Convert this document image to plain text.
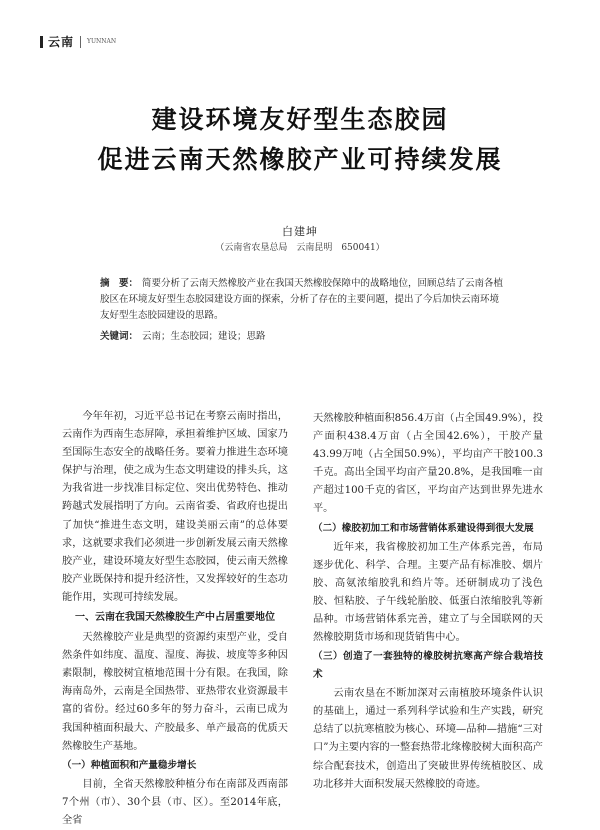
云南 YUNNAN
建设环境友好型生态胶园
促进云南天然橡胶产业可持续发展
白建坤
（云南省农垦总局　云南昆明　650041）
摘　要： 简要分析了云南天然橡胶产业在我国天然橡胶保障中的战略地位，回顾总结了云南各植胶区在环境友好型生态胶园建设方面的探索，分析了存在的主要问题，提出了今后加快云南环境友好型生态胶园建设的思路。
关键词： 云南；生态胶园；建设；思路

今年年初，习近平总书记在考察云南时指出，云南作为西南生态屏障，承担着维护区域、国家乃至国际生态安全的战略任务。要着力推进生态环境保护与治理，使之成为生态文明建设的排头兵，这为我省进一步找准目标定位、突出优势特色、推动跨越式发展指明了方向。云南省委、省政府也提出了加快“推进生态文明，建设美丽云南”的总体要求，这就要求我们必须进一步创新发展云南天然橡胶产业，建设环境友好型生态胶园，使云南天然橡胶产业既保持和提升经济性，又发挥较好的生态功能作用，实现可持续发展。

一、云南在我国天然橡胶生产中占居重要地位

天然橡胶产业是典型的资源约束型产业，受自然条件如纬度、温度、湿度、海拔、坡度等多种因素限制，橡胶树宜植地范围十分有限。在我国，除海南岛外，云南是全国热带、亚热带农业资源最丰富的省份。经过60多年的努力奋斗，云南已成为我国种植面积最大、产胶最多、单产最高的优质天然橡胶生产基地。

（一）种植面积和产量稳步增长

目前，全省天然橡胶种植分布在南部及西南部7个州（市）、30个县（市、区）。至2014年底，全省

天然橡胶种植面积856.4万亩（占全国49.9%），投产面积438.4万亩（占全国42.6%），干胶产量43.99万吨（占全国50.9%），平均亩产干胶100.3千克。高出全国平均亩产量20.8%，是我国唯一亩产超过100千克的省区，平均亩产达到世界先进水平。

（二）橡胶初加工和市场营销体系建设得到很大发展

近年来，我省橡胶初加工生产体系完善，布局逐步优化、科学、合理。主要产品有标准胶、烟片胶、高氨浓缩胶乳和绉片等。还研制成功了浅色胶、恒粘胶、子午线轮胎胶、低蛋白浓缩胶乳等新品种。市场营销体系完善，建立了与全国联网的天然橡胶期货市场和现货销售中心。

（三）创造了一套独特的橡胶树抗寒高产综合栽培技术

云南农垦在不断加深对云南植胶环境条件认识的基础上，通过一系列科学试验和生产实践，研究总结了以抗寒植胶为核心、环境—品种—措施“三对口”为主要内容的一整套热带北缘橡胶树大面积高产综合配套技术，创造出了突破世界传统植胶区、成功北移并大面积发展天然橡胶的奇迹。
